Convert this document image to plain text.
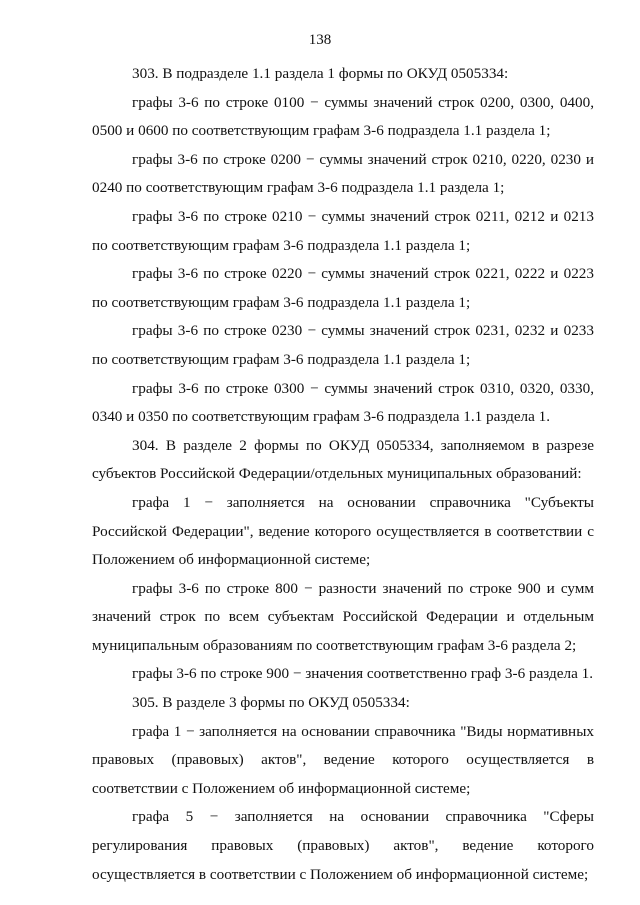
138

303. В подразделе 1.1 раздела 1 формы по ОКУД 0505334:

графы 3-6 по строке 0100 − суммы значений строк 0200, 0300, 0400, 0500 и 0600 по соответствующим графам 3-6 подраздела 1.1 раздела 1;

графы 3-6 по строке 0200 − суммы значений строк 0210, 0220, 0230 и 0240 по соответствующим графам 3-6 подраздела 1.1 раздела 1;

графы 3-6 по строке 0210 − суммы значений строк 0211, 0212 и 0213 по соответствующим графам 3-6 подраздела 1.1 раздела 1;

графы 3-6 по строке 0220 − суммы значений строк 0221, 0222 и 0223 по соответствующим графам 3-6 подраздела 1.1 раздела 1;

графы 3-6 по строке 0230 − суммы значений строк 0231, 0232 и 0233 по соответствующим графам 3-6 подраздела 1.1 раздела 1;

графы 3-6 по строке 0300 − суммы значений строк 0310, 0320, 0330, 0340 и 0350 по соответствующим графам 3-6 подраздела 1.1 раздела 1.

304. В разделе 2 формы по ОКУД 0505334, заполняемом в разрезе субъектов Российской Федерации/отдельных муниципальных образований:

графа 1 − заполняется на основании справочника "Субъекты Российской Федерации", ведение которого осуществляется в соответствии с Положением об информационной системе;

графы 3-6 по строке 800 − разности значений по строке 900 и сумм значений строк по всем субъектам Российской Федерации и отдельным муниципальным образованиям по соответствующим графам 3-6 раздела 2;

графы 3-6 по строке 900 − значения соответственно граф 3-6 раздела 1.

305. В разделе 3 формы по ОКУД 0505334:

графа 1 − заполняется на основании справочника "Виды нормативных правовых (правовых) актов", ведение которого осуществляется в соответствии с Положением об информационной системе;

графа 5 − заполняется на основании справочника "Сферы регулирования правовых (правовых) актов", ведение которого осуществляется в соответствии с Положением об информационной системе;
